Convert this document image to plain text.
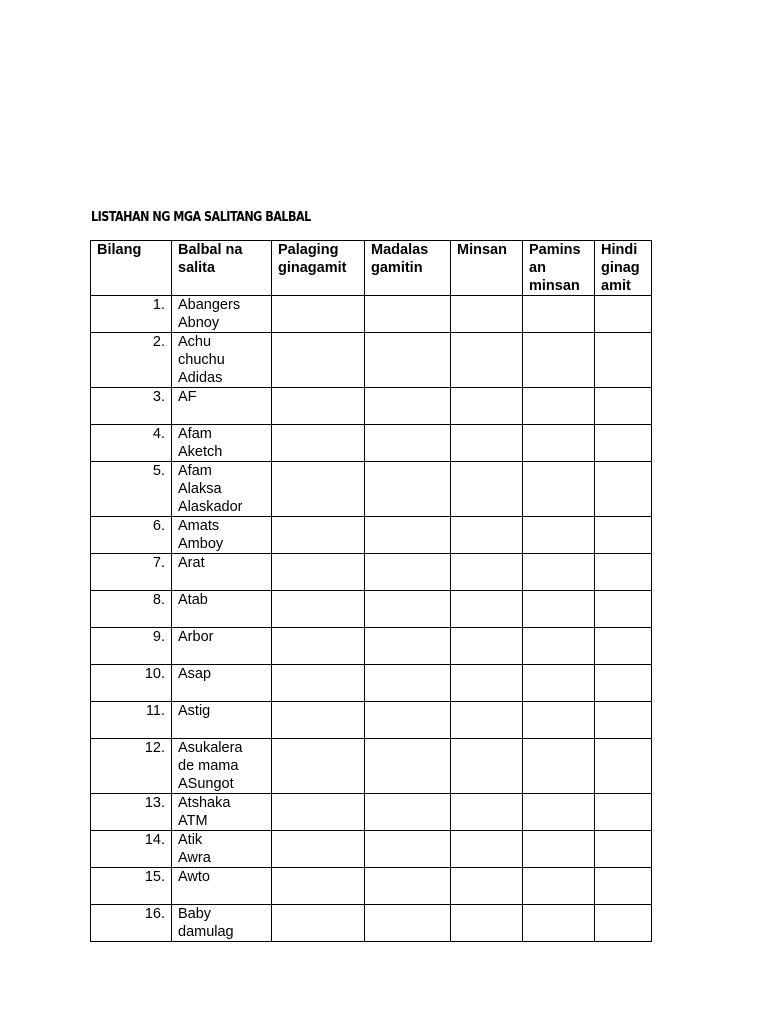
LISTAHAN NG MGA SALITANG BALBAL
Bilang	Balbal na salita	Palaging ginagamit	Madalas gamitin	Minsan	Pamins an minsan	Hindi ginag amit
1.	Abangers
Abnoy					
2.	Achu
chuchu
Adidas					
3.	AF					
4.	Afam
Aketch					
5.	Afam
Alaksa
Alaskador					
6.	Amats
Amboy					
7.	Arat					
8.	Atab					
9.	Arbor					
10.	Asap					
11.	Astig					
12.	Asukalera
de mama
ASungot					
13.	Atshaka
ATM					
14.	Atik
Awra					
15.	Awto					
16.	Baby
damulag					
